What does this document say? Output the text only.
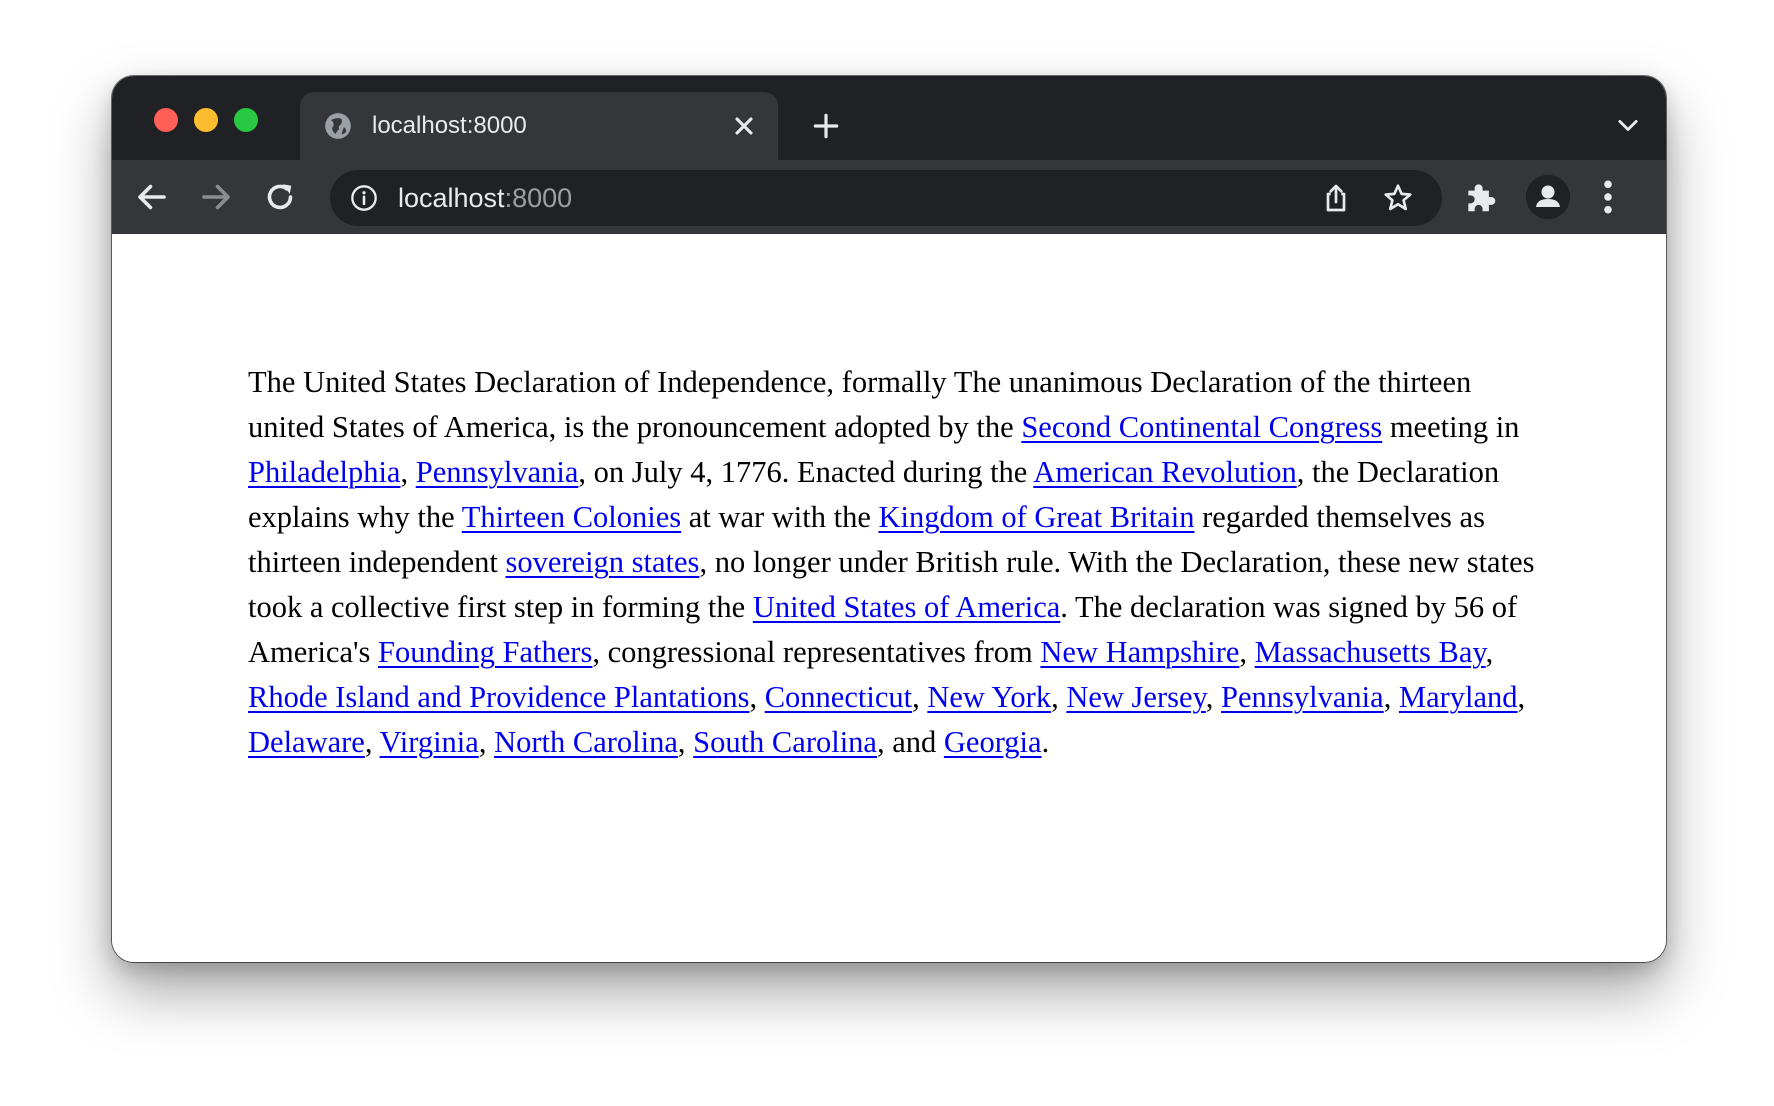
localhost:8000
localhost:8000

The United States Declaration of Independence, formally The unanimous Declaration of the thirteen united States of America, is the pronouncement adopted by the Second Continental Congress meeting in Philadelphia, Pennsylvania, on July 4, 1776. Enacted during the American Revolution, the Declaration explains why the Thirteen Colonies at war with the Kingdom of Great Britain regarded themselves as thirteen independent sovereign states, no longer under British rule. With the Declaration, these new states took a collective first step in forming the United States of America. The declaration was signed by 56 of America's Founding Fathers, congressional representatives from New Hampshire, Massachusetts Bay, Rhode Island and Providence Plantations, Connecticut, New York, New Jersey, Pennsylvania, Maryland, Delaware, Virginia, North Carolina, South Carolina, and Georgia.
